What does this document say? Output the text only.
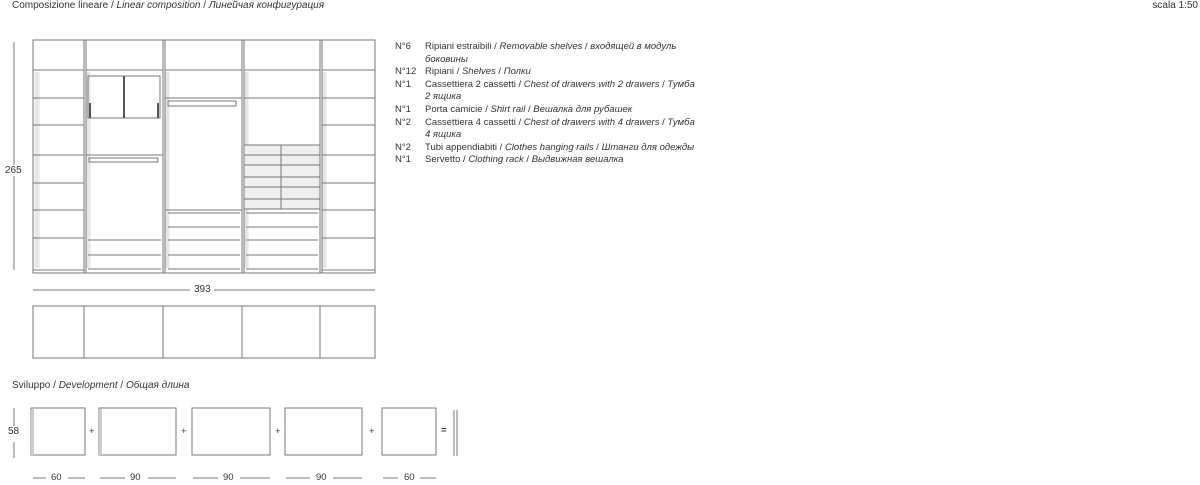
Composizione lineare / Linear composition / Линейчая конфигурация	scala 1:50
265
393
N°6	Ripiani estraibili / Removable shelves / входящей в модуль боковины
N°12 Ripiani / Shelves / Полки
N°1	Cassettiera 2 cassetti / Chest of drawers with 2 drawers / Тумба 2 ящика
N°1	Porta camicie / Shirt rail / Вешалка для рубашек
N°2	Cassettiera 4 cassetti / Chest of drawers with 4 drawers / Тумба 4 ящика
N°2	Tubi appendiabiti / Clothes hanging rails / Штанги для одежды
N°1	Servetto / Clothing rack / Выдвижная вешалка
Sviluppo / Development / Общая длина
58	+	+	+	+	=
60	90	90	90	60
